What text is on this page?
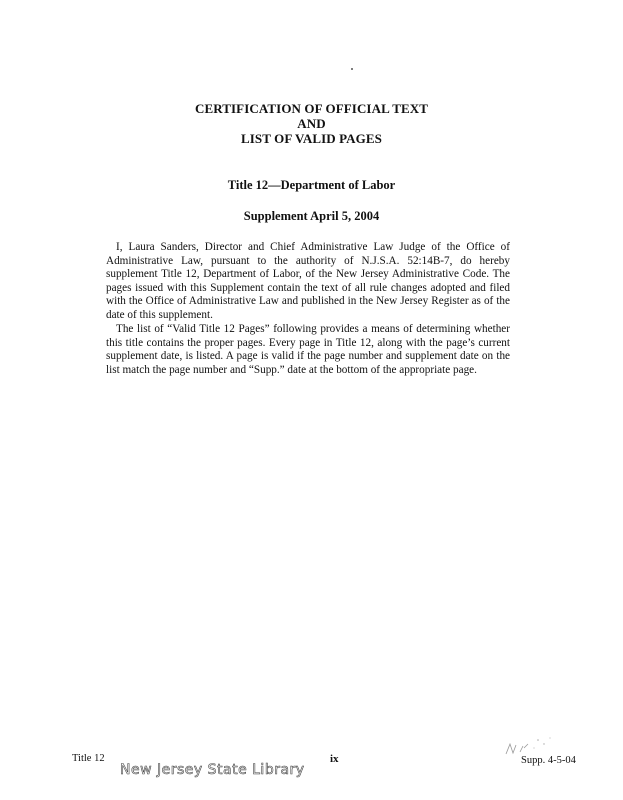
CERTIFICATION OF OFFICIAL TEXT
AND
LIST OF VALID PAGES
Title 12—Department of Labor
Supplement April 5, 2004

I, Laura Sanders, Director and Chief Administrative Law Judge of the Office of Administrative Law, pursuant to the authority of N.J.S.A. 52:14B-7, do hereby supplement Title 12, Department of Labor, of the New Jersey Administrative Code. The pages issued with this Supplement contain the text of all rule changes adopted and filed with the Office of Administrative Law and published in the New Jersey Register as of the date of this supplement.

The list of “Valid Title 12 Pages” following provides a means of determining whether this title contains the proper pages. Every page in Title 12, along with the page’s current supplement date, is listed. A page is valid if the page number and supplement date on the list match the page number and “Supp.” date at the bottom of the appropriate page.

Title 12	ix	Supp. 4-5-04
New Jersey State Library
